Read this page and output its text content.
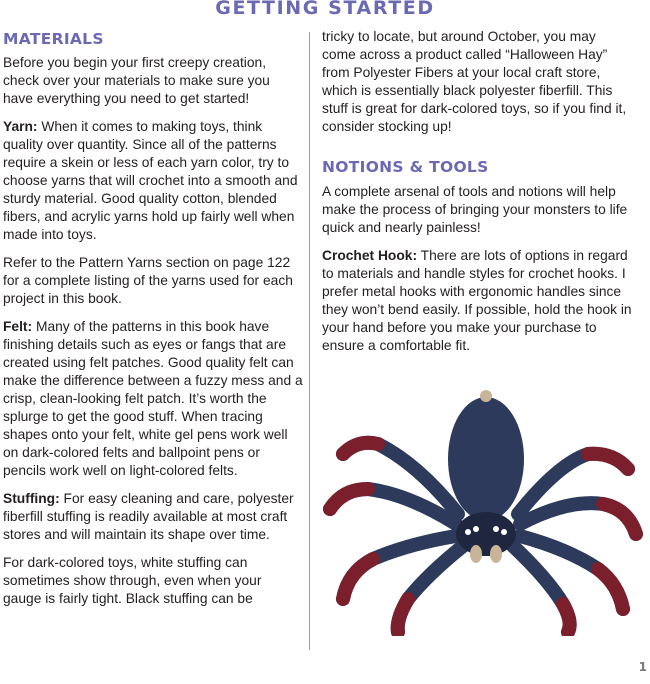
GETTING STARTED
MATERIALS

Before you begin your first creepy creation, check over your materials to make sure you have everything you need to get started!

Yarn: When it comes to making toys, think quality over quantity. Since all of the patterns require a skein or less of each yarn color, try to choose yarns that will crochet into a smooth and sturdy material. Good quality cotton, blended fibers, and acrylic yarns hold up fairly well when made into toys.

Refer to the Pattern Yarns section on page 122 for a complete listing of the yarns used for each project in this book.

Felt: Many of the patterns in this book have finishing details such as eyes or fangs that are created using felt patches. Good quality felt can make the difference between a fuzzy mess and a crisp, clean-looking felt patch. It’s worth the splurge to get the good stuff. When tracing shapes onto your felt, white gel pens work well on dark-colored felts and ballpoint pens or pencils work well on light-colored felts.

Stuffing: For easy cleaning and care, polyester fiberfill stuffing is readily available at most craft stores and will maintain its shape over time.

For dark-colored toys, white stuffing can sometimes show through, even when your gauge is fairly tight. Black stuffing can be

tricky to locate, but around October, you may come across a product called “Halloween Hay” from Polyester Fibers at your local craft store, which is essentially black polyester fiberfill. This stuff is great for dark-colored toys, so if you find it, consider stocking up!

NOTIONS & TOOLS

A complete arsenal of tools and notions will help make the process of bringing your monsters to life quick and nearly painless!

Crochet Hook: There are lots of options in regard to materials and handle styles for crochet hooks. I prefer metal hooks with ergonomic handles since they won’t bend easily. If possible, hold the hook in your hand before you make your purchase to ensure a comfortable fit.

1
